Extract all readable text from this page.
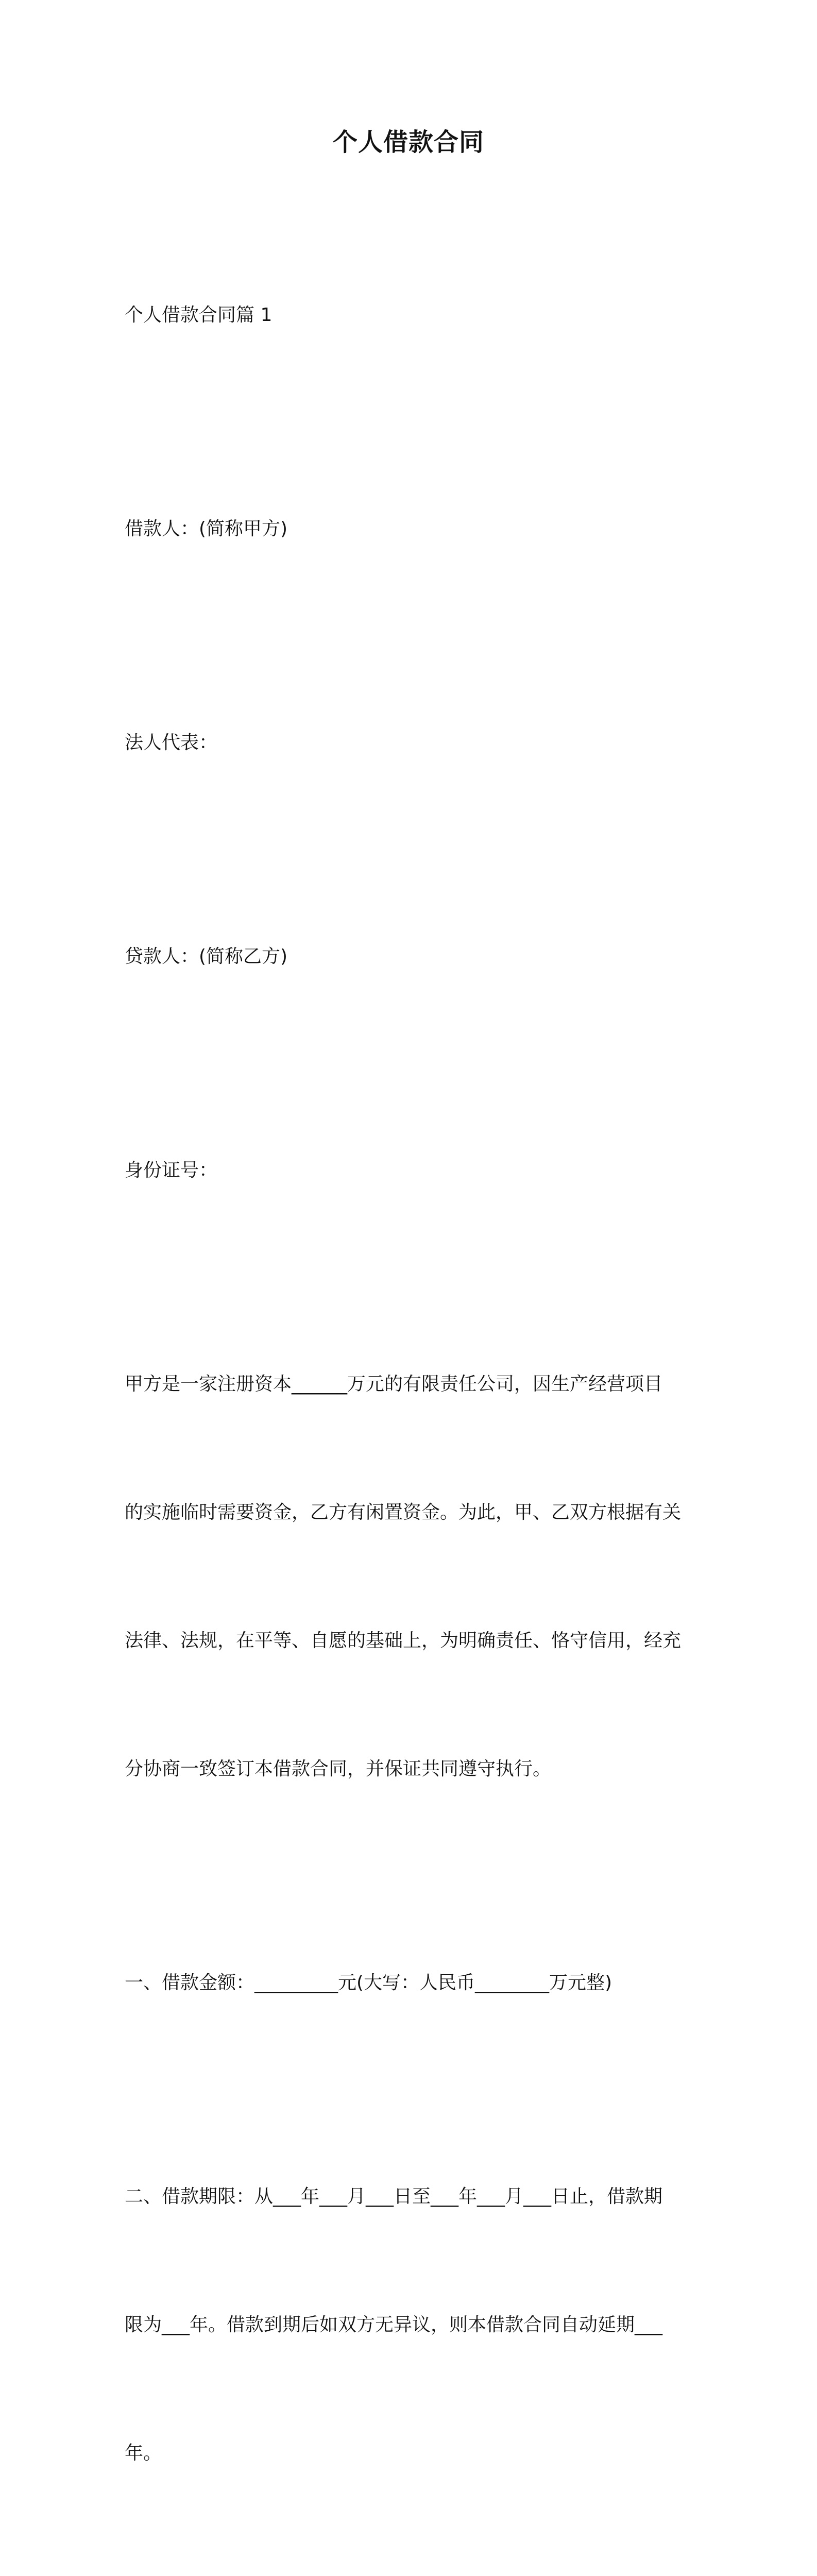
个人借款合同

个人借款合同篇 1

借款人：(简称甲方)

法人代表：

贷款人：(简称乙方)

身份证号：

甲方是一家注册资本______万元的有限责任公司，因生产经营项目

的实施临时需要资金，乙方有闲置资金。为此，甲、乙双方根据有关

法律、法规，在平等、自愿的基础上，为明确责任、恪守信用，经充

分协商一致签订本借款合同，并保证共同遵守执行。

一、借款金额：_________元(大写：人民币________万元整)

二、借款期限：从___年___月___日至___年___月___日止，借款期

限为___年。借款到期后如双方无异议，则本借款合同自动延期___

年。
